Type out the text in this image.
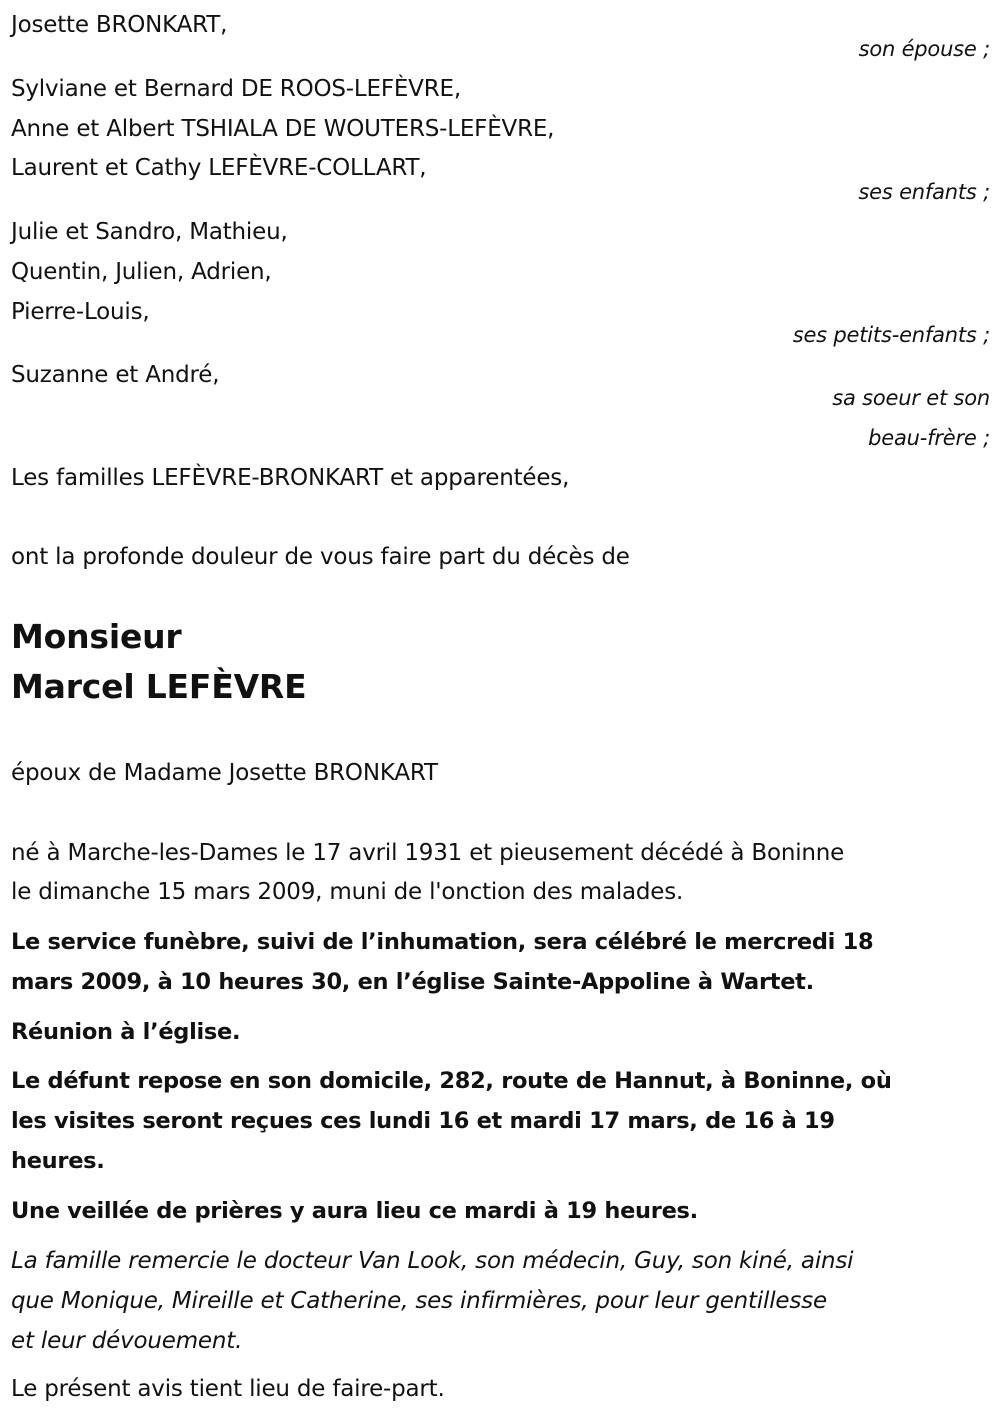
Josette BRONKART,
son épouse ;
Sylviane et Bernard DE ROOS-LEFÈVRE,
Anne et Albert TSHIALA DE WOUTERS-LEFÈVRE,
Laurent et Cathy LEFÈVRE-COLLART,
ses enfants ;
Julie et Sandro, Mathieu,
Quentin, Julien, Adrien,
Pierre-Louis,
ses petits-enfants ;
Suzanne et André,
sa soeur et son
beau-frère ;
Les familles LEFÈVRE-BRONKART et apparentées,
ont la profonde douleur de vous faire part du décès de
Monsieur
Marcel LEFÈVRE
époux de Madame Josette BRONKART
né à Marche-les-Dames le 17 avril 1931 et pieusement décédé à Boninne
le dimanche 15 mars 2009, muni de l'onction des malades.
Le service funèbre, suivi de l’inhumation, sera célébré le mercredi 18
mars 2009, à 10 heures 30, en l’église Sainte-Appoline à Wartet.
Réunion à l’église.
Le défunt repose en son domicile, 282, route de Hannut, à Boninne, où
les visites seront reçues ces lundi 16 et mardi 17 mars, de 16 à 19
heures.
Une veillée de prières y aura lieu ce mardi à 19 heures.
La famille remercie le docteur Van Look, son médecin, Guy, son kiné, ainsi
que Monique, Mireille et Catherine, ses infirmières, pour leur gentillesse
et leur dévouement.
Le présent avis tient lieu de faire-part.
